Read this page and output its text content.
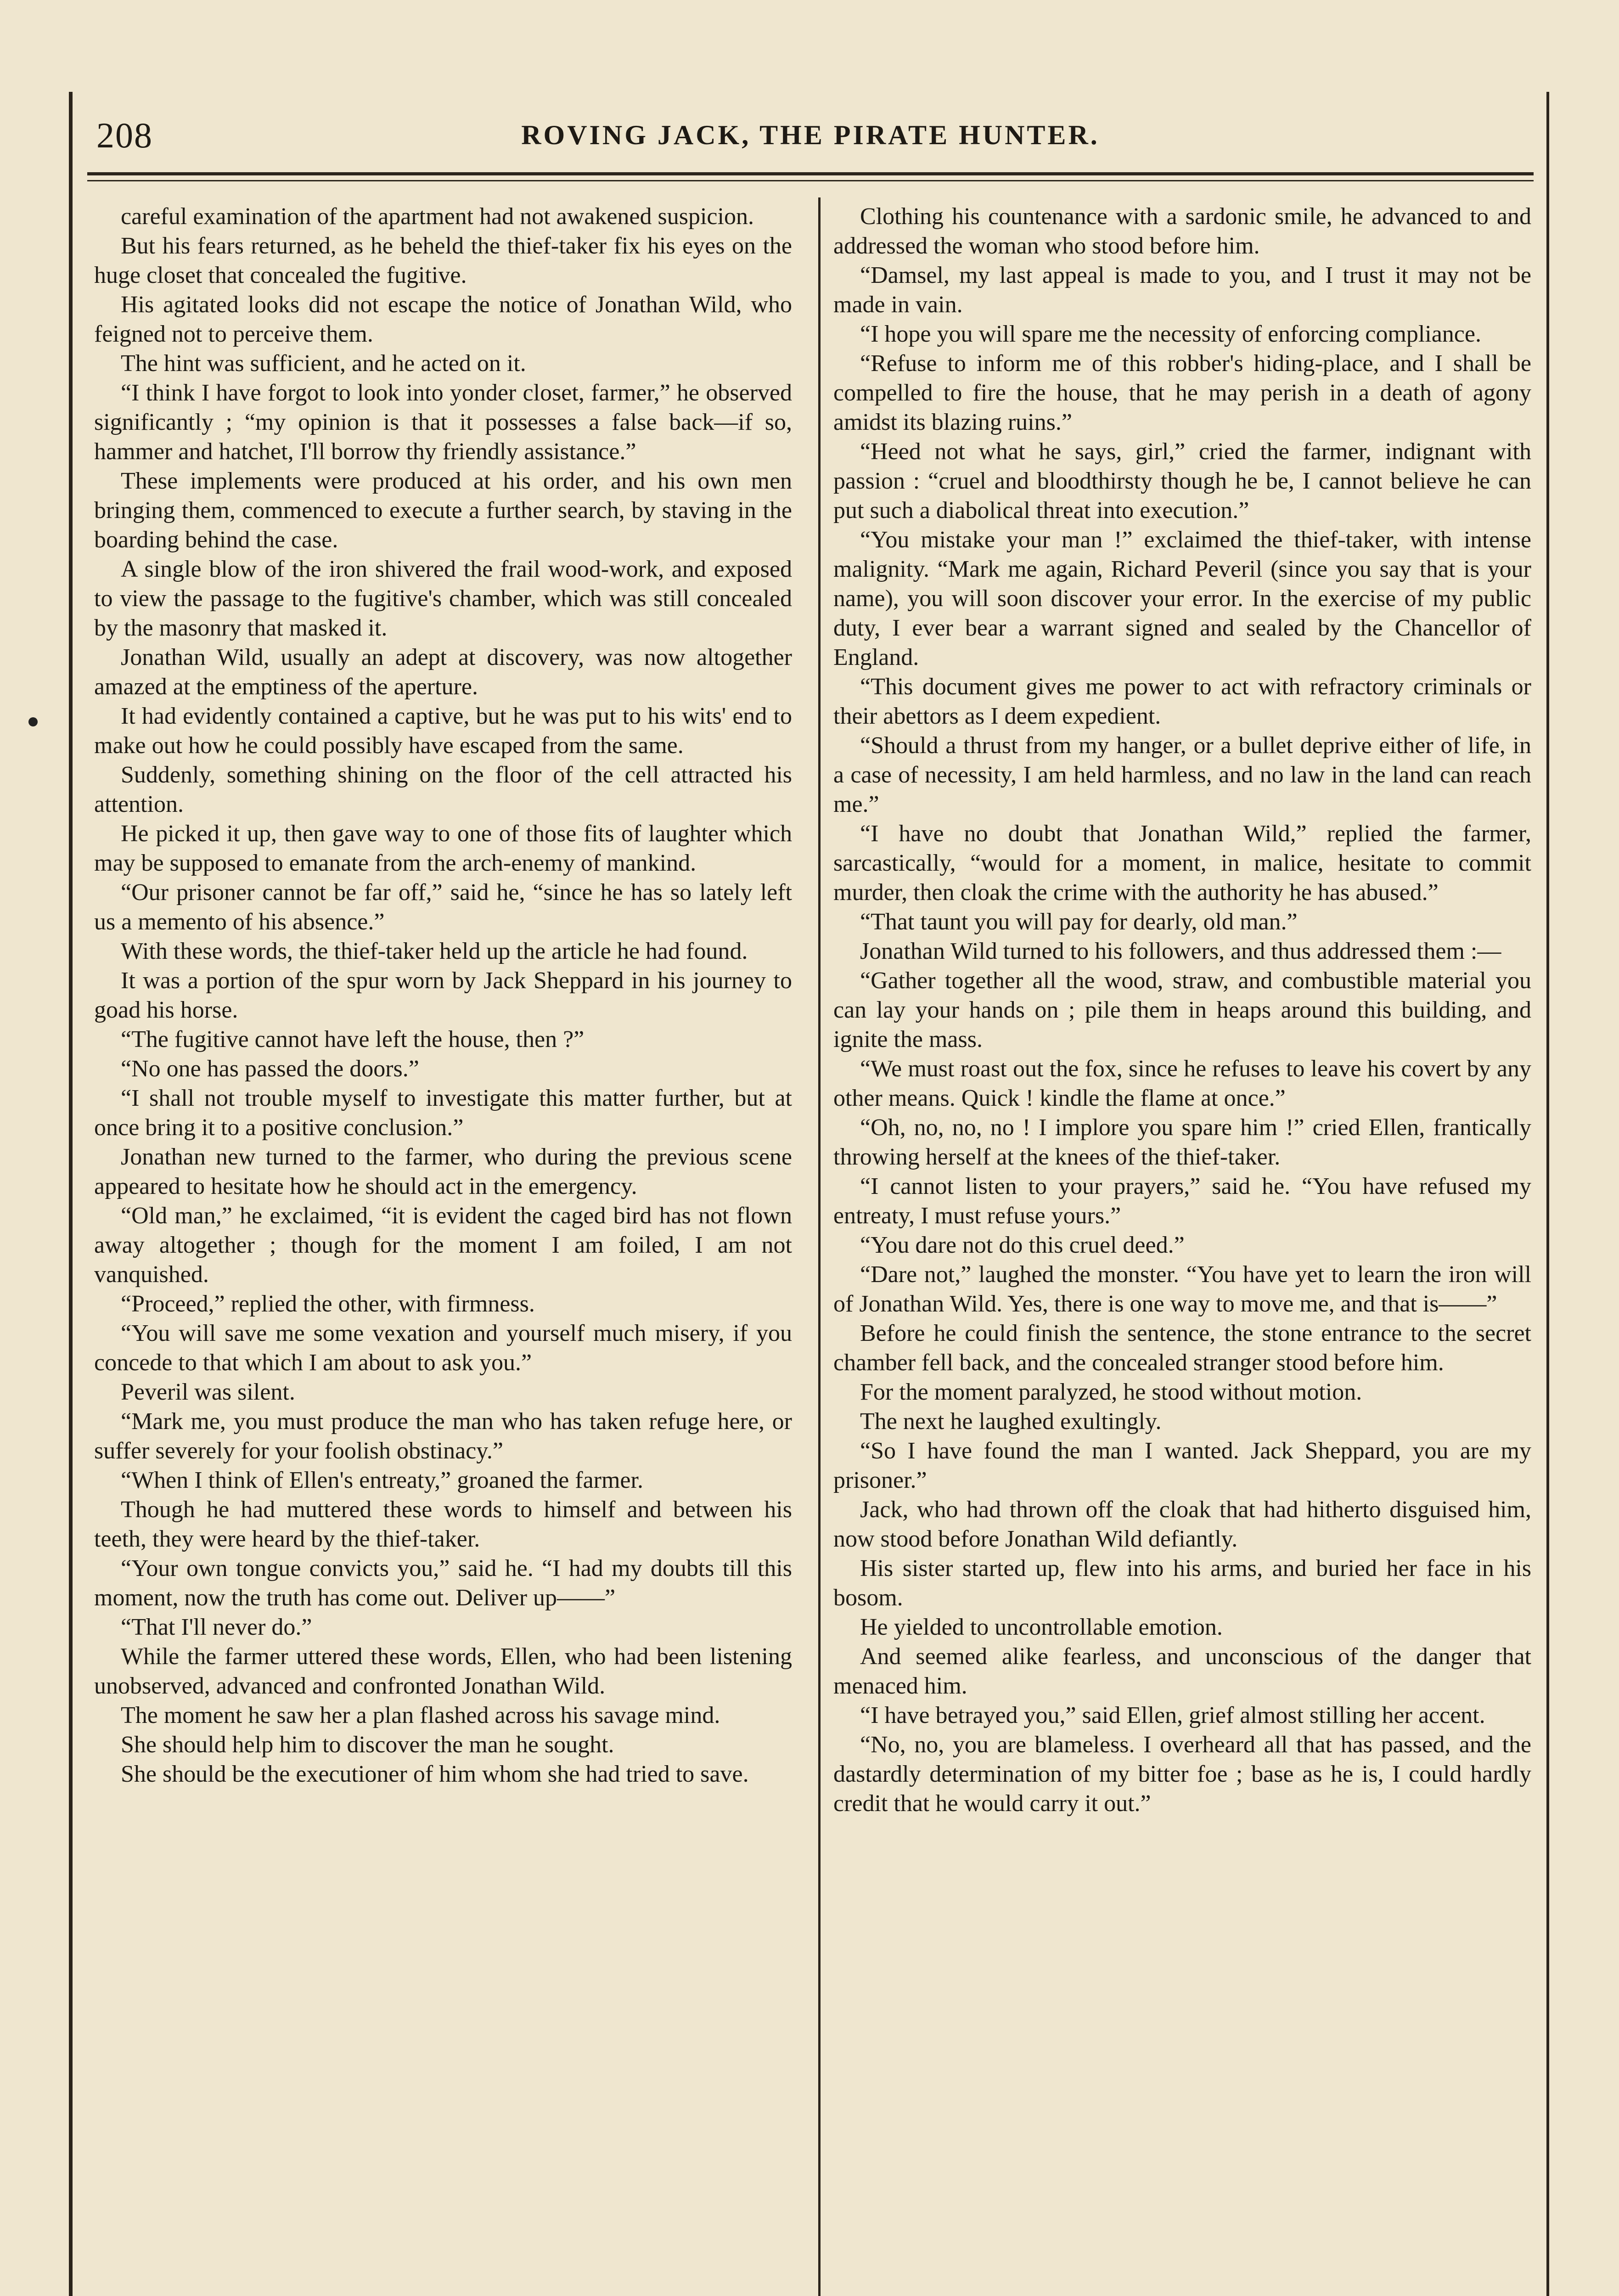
208	ROVING JACK, THE PIRATE HUNTER.

careful examination of the apartment had not awakened suspicion.

But his fears returned, as he beheld the thief-taker fix his eyes on the huge closet that concealed the fugitive.

His agitated looks did not escape the notice of Jonathan Wild, who feigned not to perceive them.

The hint was sufficient, and he acted on it.

“I think I have forgot to look into yonder closet, farmer,” he observed significantly ; “my opinion is that it possesses a false back—if so, hammer and hatchet, I'll borrow thy friendly assistance.”

These implements were produced at his order, and his own men bringing them, commenced to execute a further search, by staving in the boarding behind the case.

A single blow of the iron shivered the frail wood-work, and exposed to view the passage to the fugitive's chamber, which was still concealed by the masonry that masked it.

Jonathan Wild, usually an adept at discovery, was now altogether amazed at the emptiness of the aperture.

It had evidently contained a captive, but he was put to his wits' end to make out how he could possibly have escaped from the same.

Suddenly, something shining on the floor of the cell attracted his attention.

He picked it up, then gave way to one of those fits of laughter which may be supposed to emanate from the arch-enemy of mankind.

“Our prisoner cannot be far off,” said he, “since he has so lately left us a memento of his absence.”

With these words, the thief-taker held up the article he had found.

It was a portion of the spur worn by Jack Sheppard in his journey to goad his horse.

“The fugitive cannot have left the house, then ?”

“No one has passed the doors.”

“I shall not trouble myself to investigate this matter further, but at once bring it to a positive conclusion.”

Jonathan new turned to the farmer, who during the previous scene appeared to hesitate how he should act in the emergency.

“Old man,” he exclaimed, “it is evident the caged bird has not flown away altogether ; though for the moment I am foiled, I am not vanquished.

“Proceed,” replied the other, with firmness.

“You will save me some vexation and yourself much misery, if you concede to that which I am about to ask you.”

Peveril was silent.

“Mark me, you must produce the man who has taken refuge here, or suffer severely for your foolish obstinacy.”

“When I think of Ellen's entreaty,” groaned the farmer.

Though he had muttered these words to himself and between his teeth, they were heard by the thief-taker.

“Your own tongue convicts you,” said he. “I had my doubts till this moment, now the truth has come out. Deliver up——”

“That I'll never do.”

While the farmer uttered these words, Ellen, who had been listening unobserved, advanced and confronted Jonathan Wild.

The moment he saw her a plan flashed across his savage mind.

She should help him to discover the man he sought.

She should be the executioner of him whom she had tried to save.

Clothing his countenance with a sardonic smile, he advanced to and addressed the woman who stood before him.

“Damsel, my last appeal is made to you, and I trust it may not be made in vain.

“I hope you will spare me the necessity of enforcing compliance.

“Refuse to inform me of this robber's hiding-place, and I shall be compelled to fire the house, that he may perish in a death of agony amidst its blazing ruins.”

“Heed not what he says, girl,” cried the farmer, indignant with passion : “cruel and bloodthirsty though he be, I cannot believe he can put such a diabolical threat into execution.”

“You mistake your man !” exclaimed the thief-taker, with intense malignity. “Mark me again, Richard Peveril (since you say that is your name), you will soon discover your error. In the exercise of my public duty, I ever bear a warrant signed and sealed by the Chancellor of England.

“This document gives me power to act with refractory criminals or their abettors as I deem expedient.

“Should a thrust from my hanger, or a bullet deprive either of life, in a case of necessity, I am held harmless, and no law in the land can reach me.”

“I have no doubt that Jonathan Wild,” replied the farmer, sarcastically, “would for a moment, in malice, hesitate to commit murder, then cloak the crime with the authority he has abused.”

“That taunt you will pay for dearly, old man.”

Jonathan Wild turned to his followers, and thus addressed them :—

“Gather together all the wood, straw, and combustible material you can lay your hands on ; pile them in heaps around this building, and ignite the mass.

“We must roast out the fox, since he refuses to leave his covert by any other means. Quick ! kindle the flame at once.”

“Oh, no, no, no ! I implore you spare him !” cried Ellen, frantically throwing herself at the knees of the thief-taker.

“I cannot listen to your prayers,” said he. “You have refused my entreaty, I must refuse yours.”

“You dare not do this cruel deed.”

“Dare not,” laughed the monster. “You have yet to learn the iron will of Jonathan Wild. Yes, there is one way to move me, and that is——”

Before he could finish the sentence, the stone entrance to the secret chamber fell back, and the concealed stranger stood before him.

For the moment paralyzed, he stood without motion.

The next he laughed exultingly.

“So I have found the man I wanted. Jack Sheppard, you are my prisoner.”

Jack, who had thrown off the cloak that had hitherto disguised him, now stood before Jonathan Wild defiantly.

His sister started up, flew into his arms, and buried her face in his bosom.

He yielded to uncontrollable emotion.

And seemed alike fearless, and unconscious of the danger that menaced him.

“I have betrayed you,” said Ellen, grief almost stilling her accent.

“No, no, you are blameless. I overheard all that has passed, and the dastardly determination of my bitter foe ; base as he is, I could hardly credit that he would carry it out.”
